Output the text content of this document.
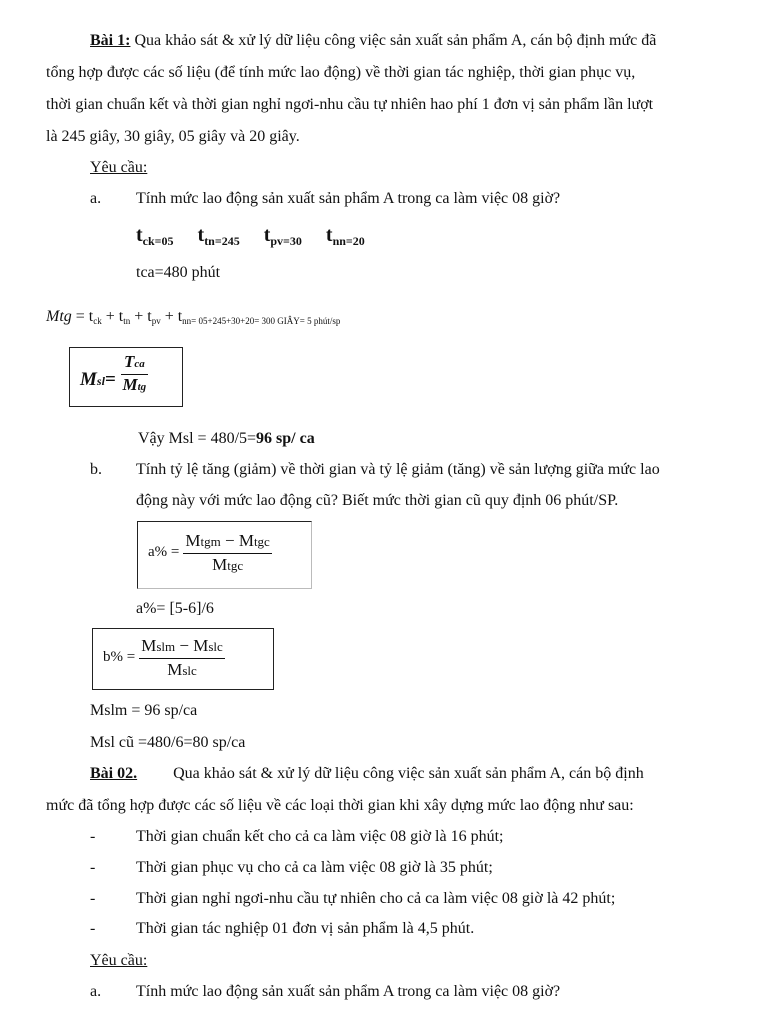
Bài 1: Qua khảo sát & xử lý dữ liệu công việc sản xuất sản phẩm A, cán bộ định mức đã
tổng hợp được các số liệu (để tính mức lao động) về thời gian tác nghiệp, thời gian phục vụ,
thời gian chuẩn kết và thời gian nghỉ ngơi-nhu cầu tự nhiên hao phí 1 đơn vị sản phẩm lần lượt
là 245 giây, 30 giây, 05 giây và 20 giây.
Yêu cầu:
a. Tính mức lao động sản xuất sản phẩm A trong ca làm việc 08 giờ?
$t_{ck=05}$ $t_{tn=245}$ $t_{pv=30}$ $t_{nn=20}$
tca=480 phút
Mtg = tck + ttn + tpv + tnn= 05+245+30+20= 300 GIÂY= 5 phút/sp
$Msl= \frac{\text{Tca}}{\text{Mtg}}$
Vậy Msl = 480/5=96 sp/ ca
b. Tính tỷ lệ tăng (giảm) về thời gian và tỷ lệ giảm (tăng) về sản lượng giữa mức lao
động này với mức lao động cũ? Biết mức thời gian cũ quy định 06 phút/SP.
$a\% = \frac{\text{Mtgm − Mtgc}}{\text{Mtgc}}$
a%= [5-6]/6
$b\% = \frac{\text{Mslm − Mslc}}{\text{Mslc}}$
Mslm = 96 sp/ca
Msl cũ =480/6=80 sp/ca
Bài 02. Qua khảo sát & xử lý dữ liệu công việc sản xuất sản phẩm A, cán bộ định
mức đã tổng hợp được các số liệu về các loại thời gian khi xây dựng mức lao động như sau:
-	Thời gian chuẩn kết cho cả ca làm việc 08 giờ là 16 phút;
-	Thời gian phục vụ cho cả ca làm việc 08 giờ là 35 phút;
-	Thời gian nghỉ ngơi-nhu cầu tự nhiên cho cả ca làm việc 08 giờ là 42 phút;
-	Thời gian tác nghiệp 01 đơn vị sản phẩm là 4,5 phút.
Yêu cầu:
a. Tính mức lao động sản xuất sản phẩm A trong ca làm việc 08 giờ?
